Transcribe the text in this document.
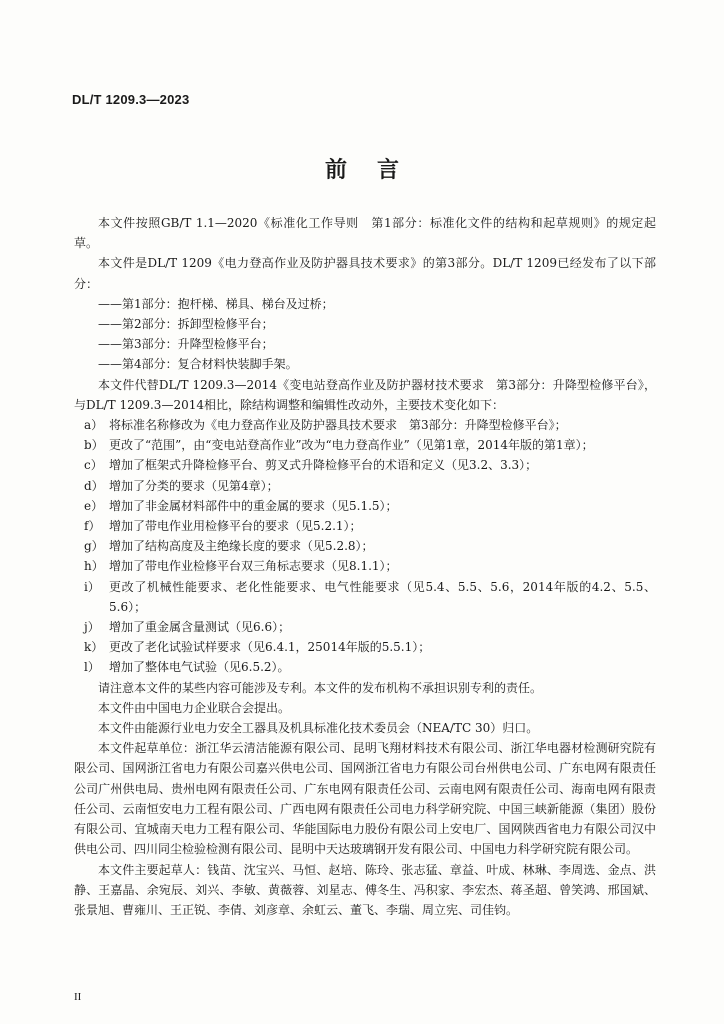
DL/T 1209.3—2023
前言

本文件按照GB/T 1.1—2020《标准化工作导则　第1部分：标准化文件的结构和起草规则》的规定起草。

本文件是DL/T 1209《电力登高作业及防护器具技术要求》的第3部分。DL/T 1209已经发布了以下部分：

——第1部分：抱杆梯、梯具、梯台及过桥；

——第2部分：拆卸型检修平台；

——第3部分：升降型检修平台；

——第4部分：复合材料快装脚手架。

本文件代替DL/T 1209.3—2014《变电站登高作业及防护器材技术要求　第3部分：升降型检修平台》，与DL/T 1209.3—2014相比，除结构调整和编辑性改动外，主要技术变化如下：

a） 将标准名称修改为《电力登高作业及防护器具技术要求　第3部分：升降型检修平台》；
b） 更改了“范围”，由“变电站登高作业”改为“电力登高作业”（见第1章，2014年版的第1章）；
c） 增加了框架式升降检修平台、剪叉式升降检修平台的术语和定义（见3.2、3.3）；
d） 增加了分类的要求（见第4章）；
e） 增加了非金属材料部件中的重金属的要求（见5.1.5）；
f） 增加了带电作业用检修平台的要求（见5.2.1）；
g） 增加了结构高度及主绝缘长度的要求（见5.2.8）；
h） 增加了带电作业检修平台双三角标志要求（见8.1.1）；
i） 更改了机械性能要求、老化性能要求、电气性能要求（见5.4、5.5、5.6，2014年版的4.2、5.5、5.6）；
j） 增加了重金属含量测试（见6.6）；
k） 更改了老化试验试样要求（见6.4.1，25014年版的5.5.1）；
l） 增加了整体电气试验（见6.5.2）。

请注意本文件的某些内容可能涉及专利。本文件的发布机构不承担识别专利的责任。

本文件由中国电力企业联合会提出。

本文件由能源行业电力安全工器具及机具标准化技术委员会（NEA/TC 30）归口。

本文件起草单位：浙江华云清洁能源有限公司、昆明飞翔材料技术有限公司、浙江华电器材检测研究院有限公司、国网浙江省电力有限公司嘉兴供电公司、国网浙江省电力有限公司台州供电公司、广东电网有限责任公司广州供电局、贵州电网有限责任公司、广东电网有限责任公司、云南电网有限责任公司、海南电网有限责任公司、云南恒安电力工程有限公司、广西电网有限责任公司电力科学研究院、中国三峡新能源（集团）股份有限公司、宜城南天电力工程有限公司、华能国际电力股份有限公司上安电厂、国网陕西省电力有限公司汉中供电公司、四川同尘检验检测有限公司、昆明中天达玻璃钢开发有限公司、中国电力科学研究院有限公司。

本文件主要起草人：钱苗、沈宝兴、马恒、赵培、陈玲、张志猛、章益、叶成、林琳、李周选、金点、洪静、王嘉晶、余宛辰、刘兴、李敏、黄薇蓉、刘星志、傅冬生、冯积家、李宏杰、蒋圣超、曾笑鸿、邢国斌、张景旭、曹雍川、王正锐、李倩、刘彦章、余虹云、董飞、李瑞、周立宪、司佳钧。

II
